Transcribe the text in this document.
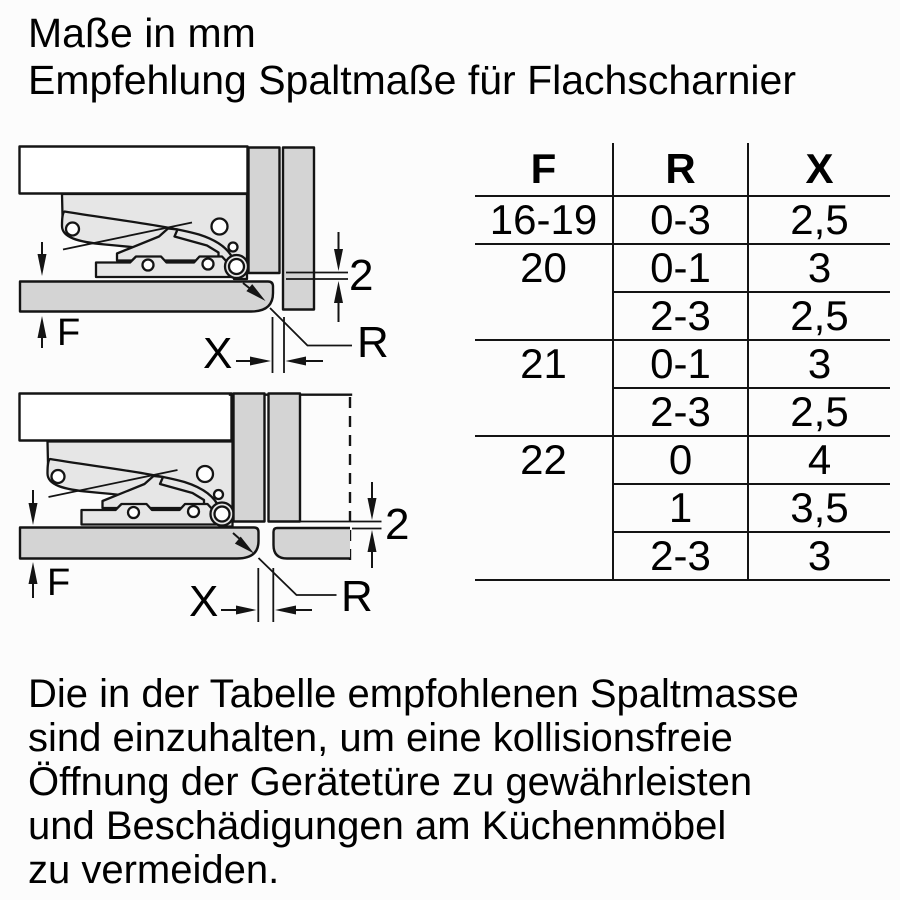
Maße in mm
Empfehlung Spaltmaße für Flachscharnier
F	X	R
2
F	X	R
2
F	R	X
16-19	0-3	2,5
20	0-1	3
	2-3	2,5
21	0-1	3
	2-3	2,5
22	0	4
	1	3,5
	2-3	3
Die in der Tabelle empfohlenen Spaltmasse
sind einzuhalten, um eine kollisionsfreie
Öffnung der Gerätetüre zu gewährleisten
und Beschädigungen am Küchenmöbel
zu vermeiden.
